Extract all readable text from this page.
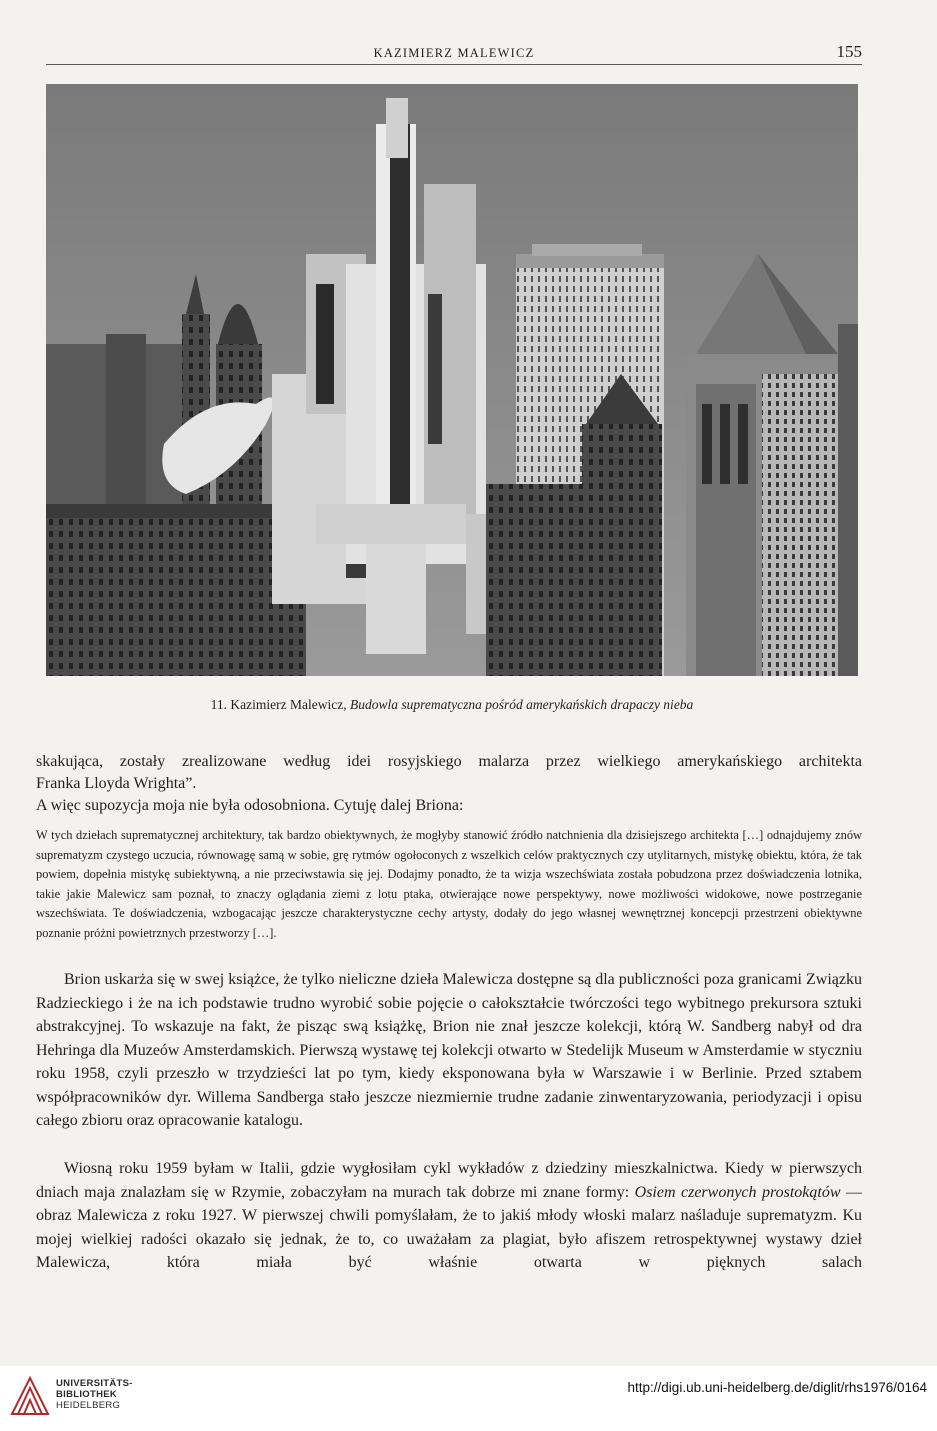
KAZIMIERZ MALEWICZ	155
11. Kazimierz Malewicz, Budowla suprematyczna pośród amerykańskich drapaczy nieba
skakująca, zostały zrealizowane według idei rosyjskiego malarza przez wielkiego amerykańskiego architekta
Franka Lloyda Wrighta”.
A więc supozycja moja nie była odosobniona. Cytuję dalej Briona:
W tych dziełach suprematycznej architektury, tak bardzo obiektywnych, że mogłyby stanowić źródło natchnienia dla dzisiejszego architekta […] odnajdujemy znów suprematyzm czystego uczucia, równowagę samą w sobie, grę rytmów ogołoconych z wszelkich celów praktycznych czy utylitarnych, mistykę obiektu, która, że tak powiem, dopełnia mistykę subiektywną, a nie przeciwstawia się jej. Dodajmy ponadto, że ta wizja wszechświata została pobudzona przez doświadczenia lotnika, takie jakie Malewicz sam poznał, to znaczy oglądania ziemi z lotu ptaka, otwierające nowe perspektywy, nowe możliwości widokowe, nowe postrzeganie wszechświata. Te doświadczenia, wzbogacając jeszcze charakterystyczne cechy artysty, dodały do jego własnej wewnętrznej koncepcji przestrzeni obiektywne poznanie próżni powietrznych przestworzy […].
Brion uskarża się w swej książce, że tylko nieliczne dzieła Malewicza dostępne są dla publiczności poza granicami Związku Radzieckiego i że na ich podstawie trudno wyrobić sobie pojęcie o całokształcie twórczości tego wybitnego prekursora sztuki abstrakcyjnej. To wskazuje na fakt, że pisząc swą książkę, Brion nie znał jeszcze kolekcji, którą W. Sandberg nabył od dra Hehringa dla Muzeów Amsterdamskich. Pierwszą wystawę tej kolekcji otwarto w Stedelijk Museum w Amsterdamie w styczniu roku 1958, czyli przeszło w trzydzieści lat po tym, kiedy eksponowana była w Warszawie i w Berlinie. Przed sztabem współpracowników dyr. Willema Sandberga stało jeszcze niezmiernie trudne zadanie zinwentaryzowania, periodyzacji i opisu całego zbioru oraz opracowanie katalogu.
Wiosną roku 1959 byłam w Italii, gdzie wygłosiłam cykl wykładów z dziedziny mieszkalnictwa. Kiedy w pierwszych dniach maja znalazłam się w Rzymie, zobaczyłam na murach tak dobrze mi znane formy: Osiem czerwonych prostokątów — obraz Malewicza z roku 1927. W pierwszej chwili pomyślałam, że to jakiś młody włoski malarz naśladuje suprematyzm. Ku mojej wielkiej radości okazało się jednak, że to, co uważałam za plagiat, było afiszem retrospektywnej wystawy dzieł Malewicza, która miała być właśnie otwarta w pięknych salach
UNIVERSITÄTS-
BIBLIOTHEK
HEIDELBERG
http://digi.ub.uni-heidelberg.de/diglit/rhs1976/0164
